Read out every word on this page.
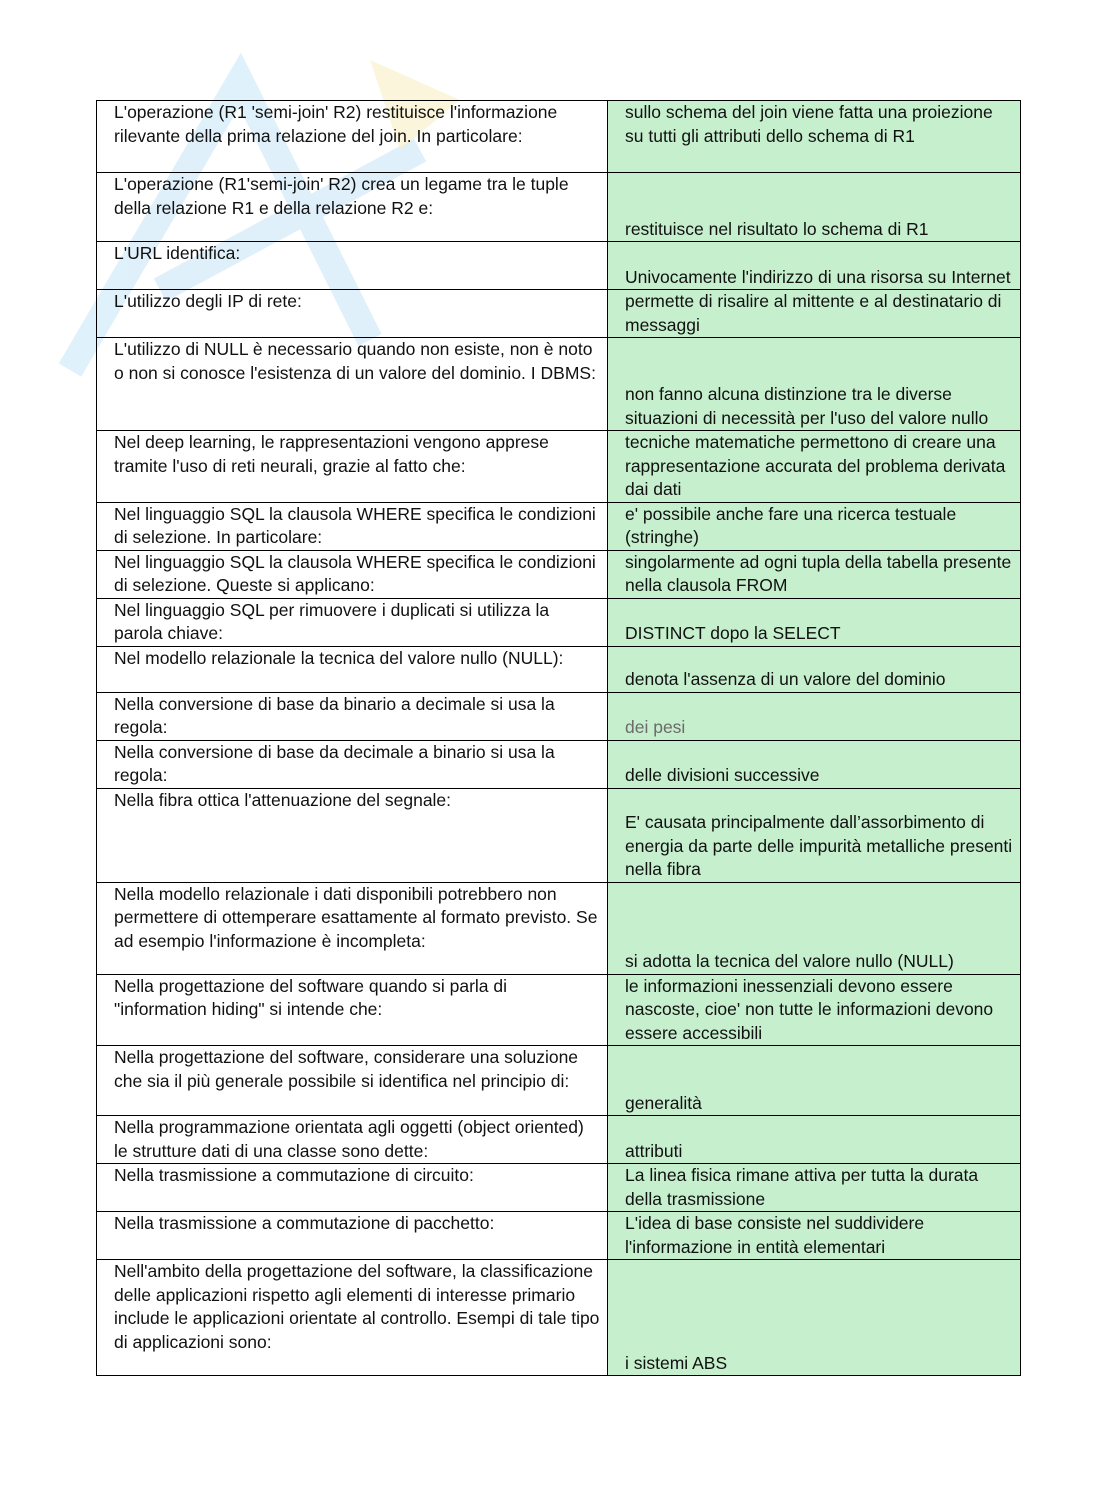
L'operazione (R1 'semi-join' R2) restituisce l'informazione rilevante della prima relazione del join. In particolare:	sullo schema del join viene fatta una proiezione su tutti gli attributi dello schema di R1
L'operazione (R1'semi-join' R2) crea un legame tra le tuple della relazione R1 e della relazione R2 e:	restituisce nel risultato lo schema di R1
L'URL identifica:	Univocamente l'indirizzo di una risorsa su Internet
L'utilizzo degli IP di rete:	permette di risalire al mittente e al destinatario di messaggi
L'utilizzo di NULL è necessario quando non esiste, non è noto o non si conosce l'esistenza di un valore del dominio. I DBMS:	non fanno alcuna distinzione tra le diverse situazioni di necessità per l'uso del valore nullo
Nel deep learning, le rappresentazioni vengono apprese tramite l'uso di reti neurali, grazie al fatto che:	tecniche matematiche permettono di creare una rappresentazione accurata del problema derivata dai dati
Nel linguaggio SQL la clausola WHERE specifica le condizioni di selezione. In particolare:	e' possibile anche fare una ricerca testuale (stringhe)
Nel linguaggio SQL la clausola WHERE specifica le condizioni di selezione. Queste si applicano:	singolarmente ad ogni tupla della tabella presente nella clausola FROM
Nel linguaggio SQL per rimuovere i duplicati si utilizza la parola chiave:	DISTINCT dopo la SELECT
Nel modello relazionale la tecnica del valore nullo (NULL):	denota l'assenza di un valore del dominio
Nella conversione di base da binario a decimale si usa la regola:	dei pesi
Nella conversione di base da decimale a binario si usa la regola:	delle divisioni successive
Nella fibra ottica l'attenuazione del segnale:	E' causata principalmente dall’assorbimento di energia da parte delle impurità metalliche presenti nella fibra
Nella modello relazionale i dati disponibili potrebbero non permettere di ottemperare esattamente al formato previsto. Se ad esempio l'informazione è incompleta:	si adotta la tecnica del valore nullo (NULL)
Nella progettazione del software quando si parla di "information hiding" si intende che:	le informazioni inessenziali devono essere nascoste, cioe' non tutte le informazioni devono essere accessibili
Nella progettazione del software, considerare una soluzione che sia il più generale possibile si identifica nel principio di:	generalità
Nella programmazione orientata agli oggetti (object oriented) le strutture dati di una classe sono dette:	attributi
Nella trasmissione a commutazione di circuito:	La linea fisica rimane attiva per tutta la durata della trasmissione
Nella trasmissione a commutazione di pacchetto:	L'idea di base consiste nel suddividere l'informazione in entità elementari
Nell'ambito della progettazione del software, la classificazione delle applicazioni rispetto agli elementi di interesse primario include le applicazioni orientate al controllo. Esempi di tale tipo di applicazioni sono:	i sistemi ABS
